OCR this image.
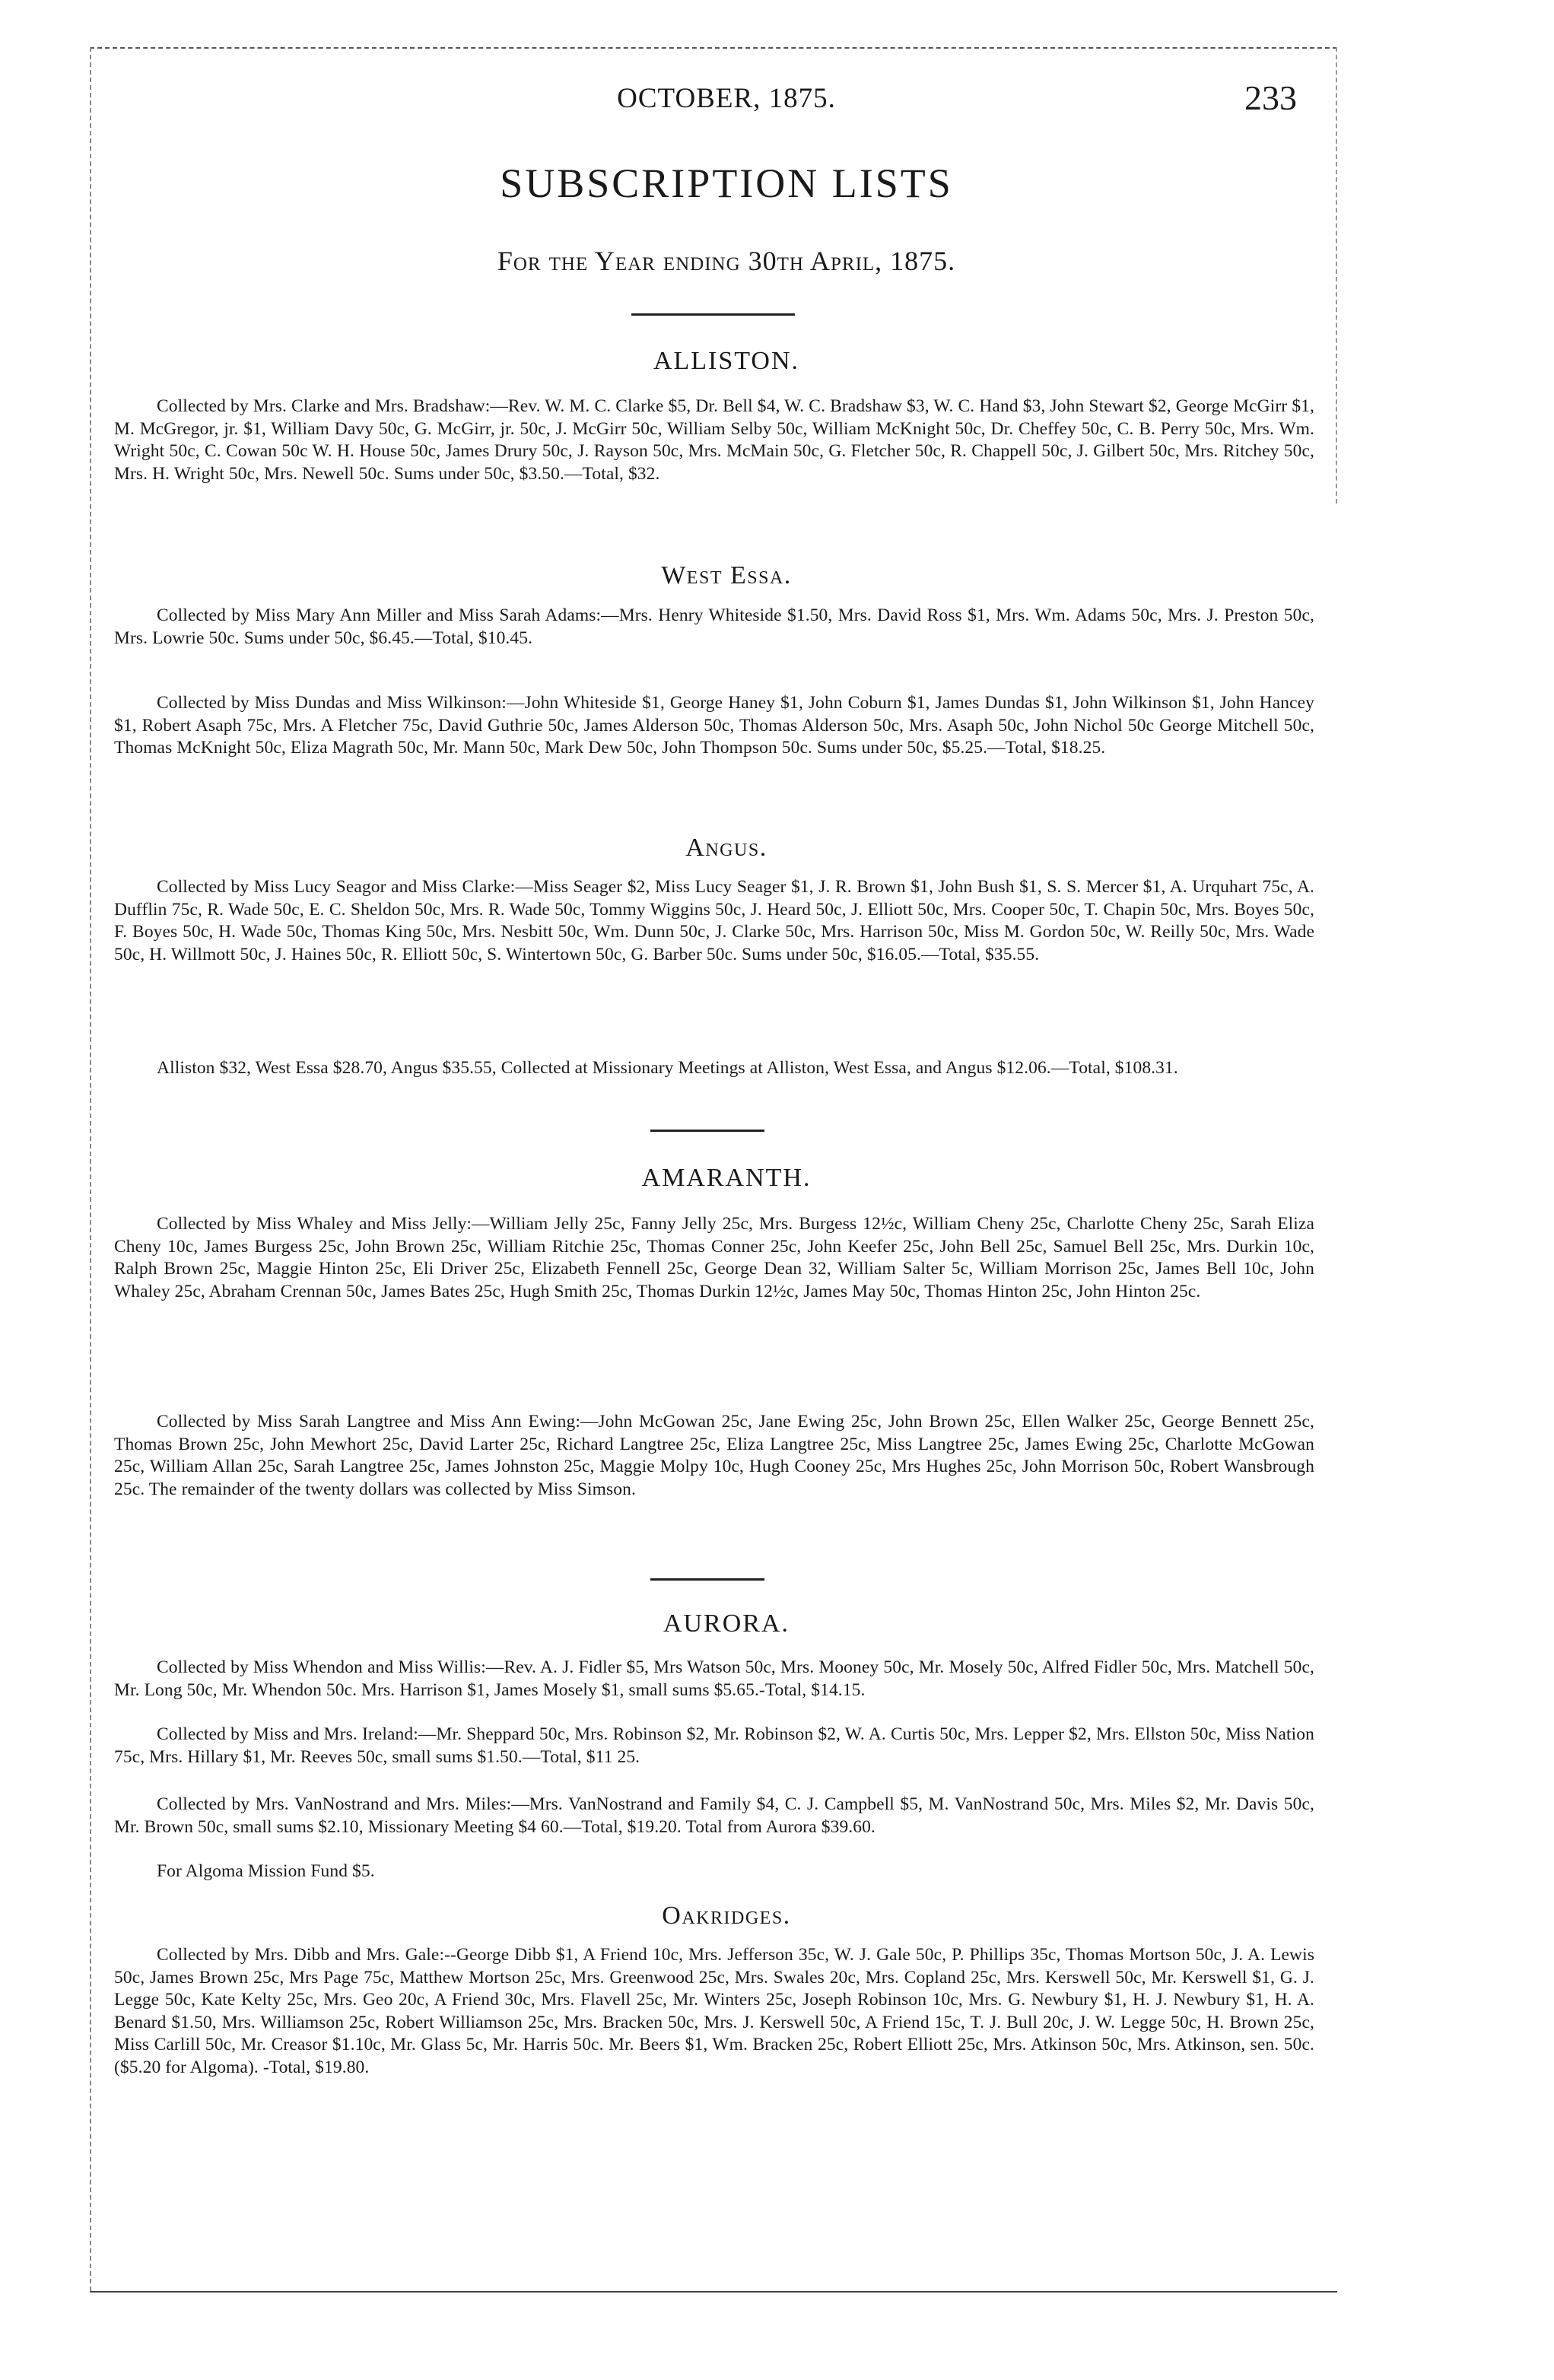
OCTOBER, 1875.	233
SUBSCRIPTION LISTS
For the Year ending 30th April, 1875.
ALLISTON.
Collected by Mrs. Clarke and Mrs. Bradshaw:—Rev. W. M. C. Clarke $5, Dr. Bell $4, W. C. Bradshaw $3, W. C. Hand $3, John Stewart $2, George McGirr $1, M. McGregor, jr. $1, William Davy 50c, G. McGirr, jr. 50c, J. McGirr 50c, William Selby 50c, William McKnight 50c, Dr. Cheffey 50c, C. B. Perry 50c, Mrs. Wm. Wright 50c, C. Cowan 50c W. H. House 50c, James Drury 50c, J. Rayson 50c, Mrs. McMain 50c, G. Fletcher 50c, R. Chappell 50c, J. Gilbert 50c, Mrs. Ritchey 50c, Mrs. H. Wright 50c, Mrs. Newell 50c. Sums under 50c, $3.50.—Total, $32.
West Essa.
Collected by Miss Mary Ann Miller and Miss Sarah Adams:—Mrs. Henry Whiteside $1.50, Mrs. David Ross $1, Mrs. Wm. Adams 50c, Mrs. J. Preston 50c, Mrs. Lowrie 50c. Sums under 50c, $6.45.—Total, $10.45.
Collected by Miss Dundas and Miss Wilkinson:—John Whiteside $1, George Haney $1, John Coburn $1, James Dundas $1, John Wilkinson $1, John Hancey $1, Robert Asaph 75c, Mrs. A Fletcher 75c, David Guthrie 50c, James Alderson 50c, Thomas Alderson 50c, Mrs. Asaph 50c, John Nichol 50c George Mitchell 50c, Thomas McKnight 50c, Eliza Magrath 50c, Mr. Mann 50c, Mark Dew 50c, John Thompson 50c. Sums under 50c, $5.25.—Total, $18.25.
Angus.
Collected by Miss Lucy Seagor and Miss Clarke:—Miss Seager $2, Miss Lucy Seager $1, J. R. Brown $1, John Bush $1, S. S. Mercer $1, A. Urquhart 75c, A. Dufflin 75c, R. Wade 50c, E. C. Sheldon 50c, Mrs. R. Wade 50c, Tommy Wiggins 50c, J. Heard 50c, J. Elliott 50c, Mrs. Cooper 50c, T. Chapin 50c, Mrs. Boyes 50c, F. Boyes 50c, H. Wade 50c, Thomas King 50c, Mrs. Nesbitt 50c, Wm. Dunn 50c, J. Clarke 50c, Mrs. Harrison 50c, Miss M. Gordon 50c, W. Reilly 50c, Mrs. Wade 50c, H. Willmott 50c, J. Haines 50c, R. Elliott 50c, S. Wintertown 50c, G. Barber 50c. Sums under 50c, $16.05.—Total, $35.55.
Alliston $32, West Essa $28.70, Angus $35.55, Collected at Missionary Meetings at Alliston, West Essa, and Angus $12.06.—Total, $108.31.
AMARANTH.
Collected by Miss Whaley and Miss Jelly:—William Jelly 25c, Fanny Jelly 25c, Mrs. Burgess 12½c, William Cheny 25c, Charlotte Cheny 25c, Sarah Eliza Cheny 10c, James Burgess 25c, John Brown 25c, William Ritchie 25c, Thomas Conner 25c, John Keefer 25c, John Bell 25c, Samuel Bell 25c, Mrs. Durkin 10c, Ralph Brown 25c, Maggie Hinton 25c, Eli Driver 25c, Elizabeth Fennell 25c, George Dean 32, William Salter 5c, William Morrison 25c, James Bell 10c, John Whaley 25c, Abraham Crennan 50c, James Bates 25c, Hugh Smith 25c, Thomas Durkin 12½c, James May 50c, Thomas Hinton 25c, John Hinton 25c.
Collected by Miss Sarah Langtree and Miss Ann Ewing:—John McGowan 25c, Jane Ewing 25c, John Brown 25c, Ellen Walker 25c, George Bennett 25c, Thomas Brown 25c, John Mewhort 25c, David Larter 25c, Richard Langtree 25c, Eliza Langtree 25c, Miss Langtree 25c, James Ewing 25c, Charlotte McGowan 25c, William Allan 25c, Sarah Langtree 25c, James Johnston 25c, Maggie Molpy 10c, Hugh Cooney 25c, Mrs Hughes 25c, John Morrison 50c, Robert Wansbrough 25c. The remainder of the twenty dollars was collected by Miss Simson.
AURORA.
Collected by Miss Whendon and Miss Willis:—Rev. A. J. Fidler $5, Mrs Watson 50c, Mrs. Mooney 50c, Mr. Mosely 50c, Alfred Fidler 50c, Mrs. Matchell 50c, Mr. Long 50c, Mr. Whendon 50c. Mrs. Harrison $1, James Mosely $1, small sums $5.65.-Total, $14.15.
Collected by Miss and Mrs. Ireland:—Mr. Sheppard 50c, Mrs. Robinson $2, Mr. Robinson $2, W. A. Curtis 50c, Mrs. Lepper $2, Mrs. Ellston 50c, Miss Nation 75c, Mrs. Hillary $1, Mr. Reeves 50c, small sums $1.50.—Total, $11 25.
Collected by Mrs. VanNostrand and Mrs. Miles:—Mrs. VanNostrand and Family $4, C. J. Campbell $5, M. VanNostrand 50c, Mrs. Miles $2, Mr. Davis 50c, Mr. Brown 50c, small sums $2.10, Missionary Meeting $4 60.—Total, $19.20. Total from Aurora $39.60.
For Algoma Mission Fund $5.
Oakridges.
Collected by Mrs. Dibb and Mrs. Gale:--George Dibb $1, A Friend 10c, Mrs. Jefferson 35c, W. J. Gale 50c, P. Phillips 35c, Thomas Mortson 50c, J. A. Lewis 50c, James Brown 25c, Mrs Page 75c, Matthew Mortson 25c, Mrs. Greenwood 25c, Mrs. Swales 20c, Mrs. Copland 25c, Mrs. Kerswell 50c, Mr. Kerswell $1, G. J. Legge 50c, Kate Kelty 25c, Mrs. Geo 20c, A Friend 30c, Mrs. Flavell 25c, Mr. Winters 25c, Joseph Robinson 10c, Mrs. G. Newbury $1, H. J. Newbury $1, H. A. Benard $1.50, Mrs. Williamson 25c, Robert Williamson 25c, Mrs. Bracken 50c, Mrs. J. Kerswell 50c, A Friend 15c, T. J. Bull 20c, J. W. Legge 50c, H. Brown 25c, Miss Carlill 50c, Mr. Creasor $1.10c, Mr. Glass 5c, Mr. Harris 50c. Mr. Beers $1, Wm. Bracken 25c, Robert Elliott 25c, Mrs. Atkinson 50c, Mrs. Atkinson, sen. 50c. ($5.20 for Algoma). -Total, $19.80.
